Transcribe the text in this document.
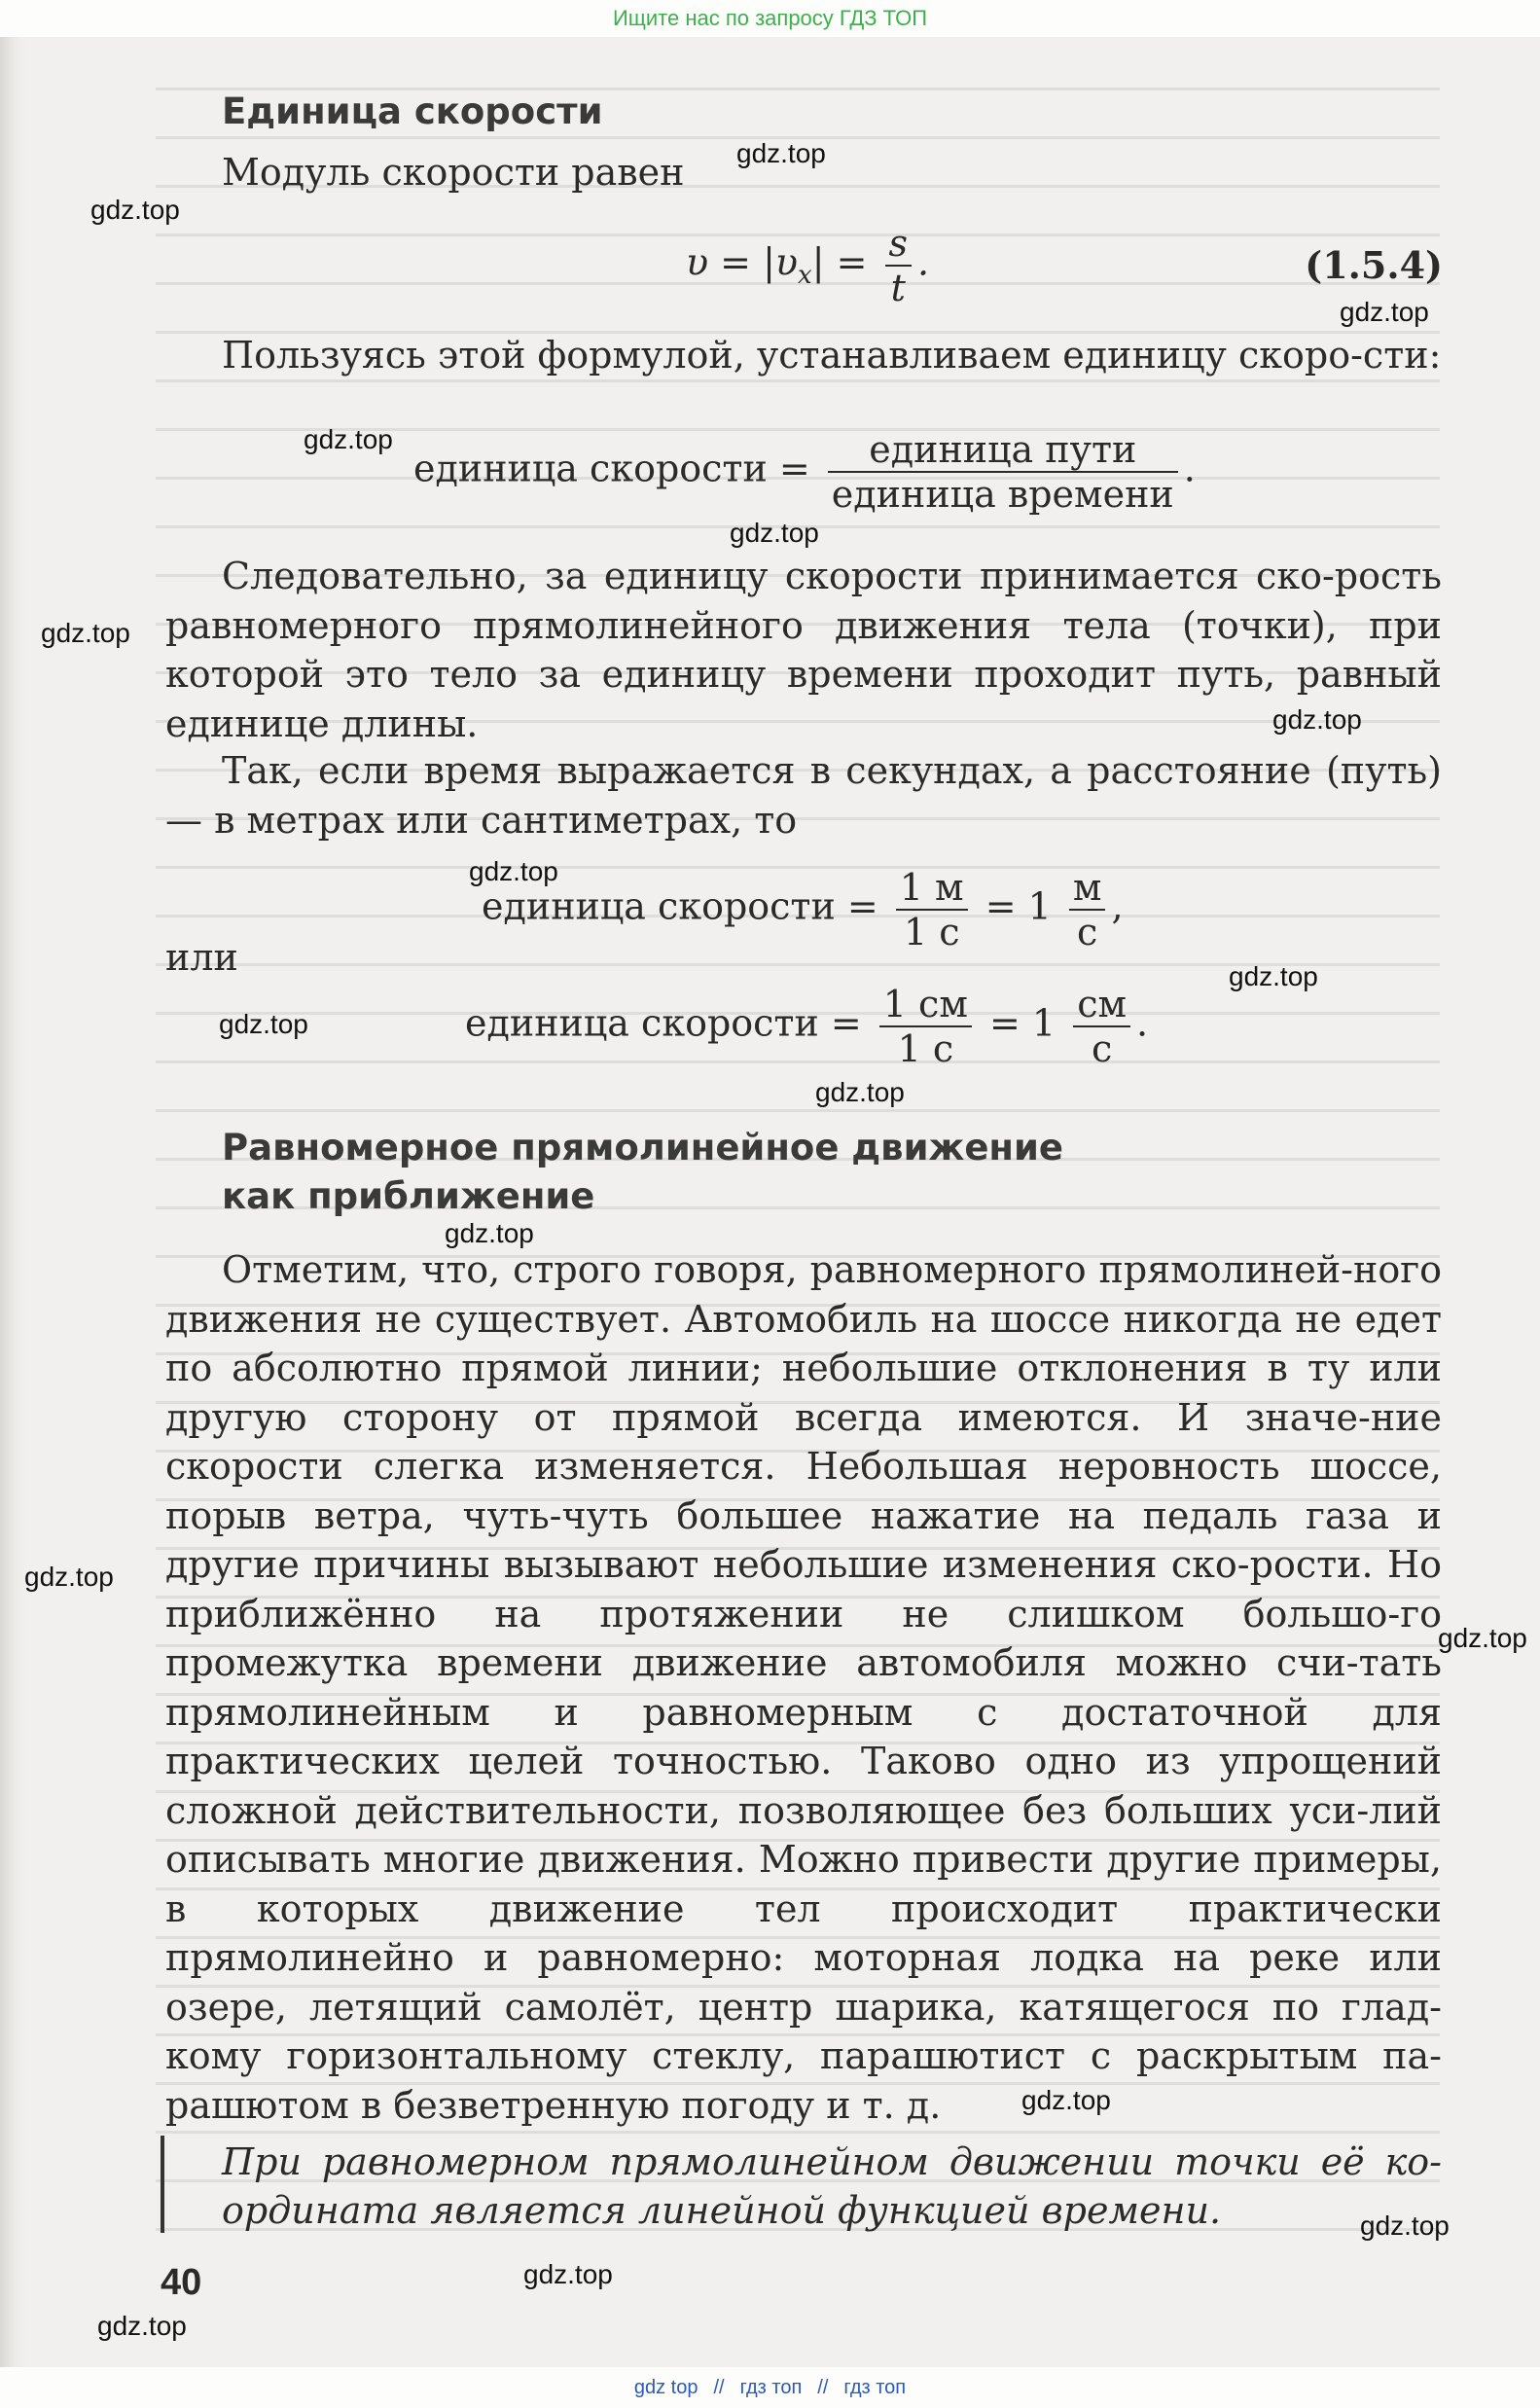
Ищите нас по запросу ГДЗ ТОП
Единица скорости
Модуль скорости равен
$\upsilon = |\upsilon_x| = \frac{s}{t}$ .	(1.5.4)

Пользуясь этой формулой, устанавливаем единицу скоро-сти:

единица скорости = $\frac{\text{единица пути}}{\text{единица времени}}$ .

Следовательно, за единицу скорости принимается ско-рость равномерного прямолинейного движения тела (точки), при которой это тело за единицу времени проходит путь, равный единице длины.

Так, если время выражается в секундах, а расстояние (путь) — в метрах или сантиметрах, то

единица скорости = $\frac{1 м}{1 с} = 1 \frac{м}{с}$ ,
или
единица скорости = $\frac{1 см}{1 с} = 1 \frac{см}{с}$ .
Равномерное прямолинейное движение
как приближение

Отметим, что, строго говоря, равномерного прямолиней-ного движения не существует. Автомобиль на шоссе никогда не едет по абсолютно прямой линии; небольшие отклонения в ту или другую сторону от прямой всегда имеются. И значе-ние скорости слегка изменяется. Небольшая неровность шоссе, порыв ветра, чуть-чуть большее нажатие на педаль газа и другие причины вызывают небольшие изменения ско-рости. Но приближённо на протяжении не слишком большо-го промежутка времени движение автомобиля можно счи-тать прямолинейным и равномерным с достаточной для практических целей точностью. Таково одно из упрощений сложной действительности, позволяющее без больших уси-лий описывать многие движения. Можно привести другие примеры, в которых движение тел происходит практически прямолинейно и равномерно: моторная лодка на реке или озере, летящий самолёт, центр шарика, катящегося по глад-кому горизонтальному стеклу, парашютист с раскрытым па-рашютом в безветренную погоду и т. д.

При равномерном прямолинейном движении точки её ко-ордината является линейной функцией времени.

40
gdz.top
gdz.top
gdz.top
gdz.top
gdz.top
gdz.top
gdz.top
gdz.top
gdz.top
gdz.top
gdz.top
gdz.top
gdz.top
gdz.top
gdz.top
gdz.top
gdz.top
gdz.top
gdz top // гдз топ // гдз топ
